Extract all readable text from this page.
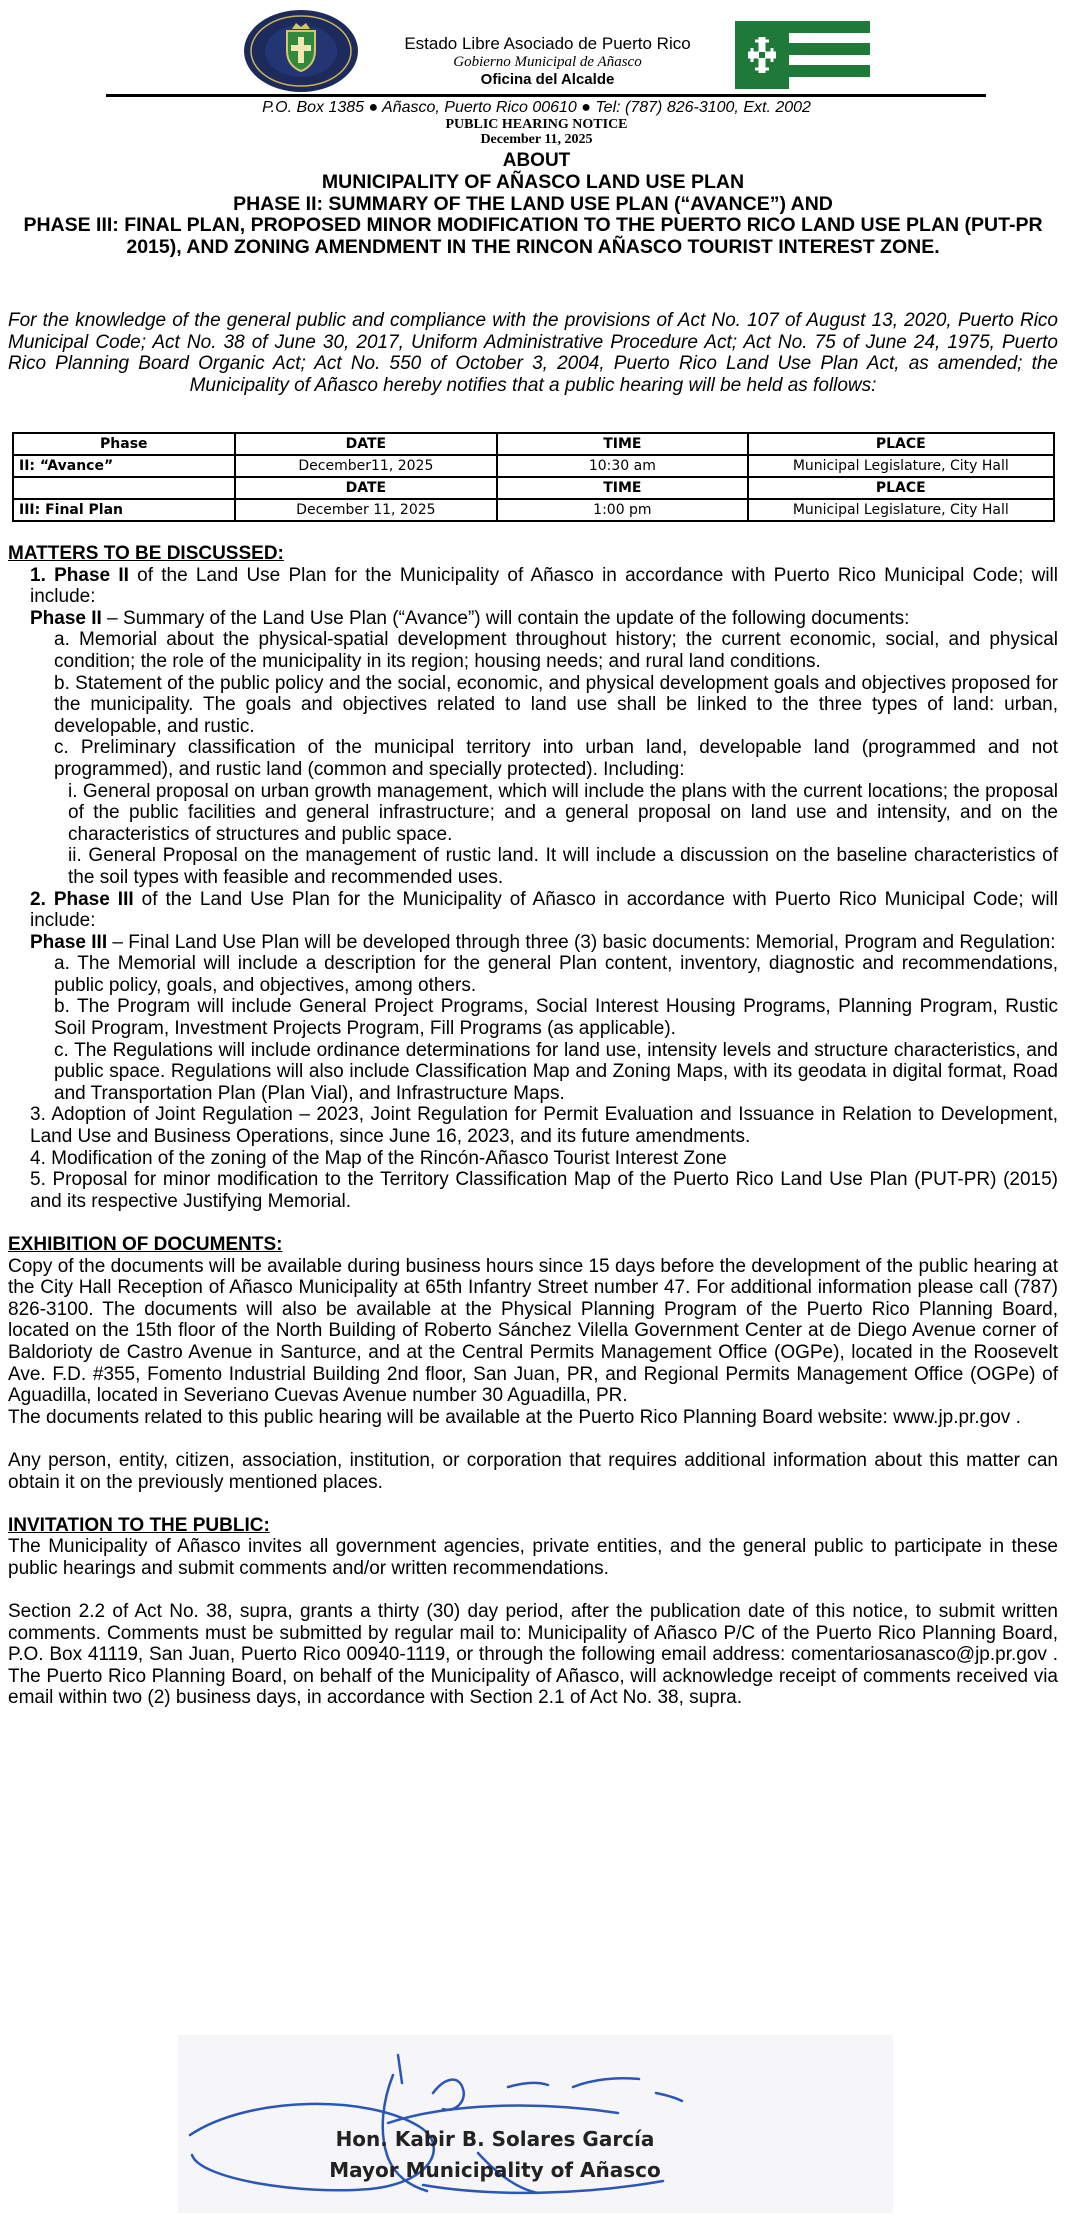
Estado Libre Asociado de Puerto Rico
Gobierno Municipal de Añasco
Oficina del Alcalde
P.O. Box 1385 ● Añasco, Puerto Rico 00610 ● Tel: (787) 826-3100, Ext. 2002
PUBLIC HEARING NOTICE
December 11, 2025
ABOUT
MUNICIPALITY OF AÑASCO LAND USE PLAN
PHASE II: SUMMARY OF THE LAND USE PLAN (“AVANCE”) AND
PHASE III: FINAL PLAN, PROPOSED MINOR MODIFICATION TO THE PUERTO RICO LAND USE PLAN (PUT-PR 2015), AND ZONING AMENDMENT IN THE RINCON AÑASCO TOURIST INTEREST ZONE.
For the knowledge of the general public and compliance with the provisions of Act No. 107 of August 13, 2020, Puerto Rico Municipal Code; Act No. 38 of June 30, 2017, Uniform Administrative Procedure Act; Act No. 75 of June 24, 1975, Puerto Rico Planning Board Organic Act; Act No. 550 of October 3, 2004, Puerto Rico Land Use Plan Act, as amended; the Municipality of Añasco hereby notifies that a public hearing will be held as follows:
Phase	DATE	TIME	PLACE
II: “Avance”	December11, 2025	10:30 am	Municipal Legislature, City Hall
	DATE	TIME	PLACE
III: Final Plan	December 11, 2025	1:00 pm	Municipal Legislature, City Hall

MATTERS TO BE DISCUSSED:

1. Phase II of the Land Use Plan for the Municipality of Añasco in accordance with Puerto Rico Municipal Code; will include:

Phase II – Summary of the Land Use Plan (“Avance”) will contain the update of the following documents:

a. Memorial about the physical-spatial development throughout history; the current economic, social, and physical condition; the role of the municipality in its region; housing needs; and rural land conditions.

b. Statement of the public policy and the social, economic, and physical development goals and objectives proposed for the municipality. The goals and objectives related to land use shall be linked to the three types of land: urban, developable, and rustic.

c. Preliminary classification of the municipal territory into urban land, developable land (programmed and not programmed), and rustic land (common and specially protected). Including:

i. General proposal on urban growth management, which will include the plans with the current locations; the proposal of the public facilities and general infrastructure; and a general proposal on land use and intensity, and on the characteristics of structures and public space.

ii. General Proposal on the management of rustic land. It will include a discussion on the baseline characteristics of the soil types with feasible and recommended uses.

2. Phase III of the Land Use Plan for the Municipality of Añasco in accordance with Puerto Rico Municipal Code; will include:

Phase III – Final Land Use Plan will be developed through three (3) basic documents: Memorial, Program and Regulation:

a. The Memorial will include a description for the general Plan content, inventory, diagnostic and recommendations, public policy, goals, and objectives, among others.

b. The Program will include General Project Programs, Social Interest Housing Programs, Planning Program, Rustic Soil Program, Investment Projects Program, Fill Programs (as applicable).

c. The Regulations will include ordinance determinations for land use, intensity levels and structure characteristics, and public space. Regulations will also include Classification Map and Zoning Maps, with its geodata in digital format, Road and Transportation Plan (Plan Vial), and Infrastructure Maps.

3. Adoption of Joint Regulation – 2023, Joint Regulation for Permit Evaluation and Issuance in Relation to Development, Land Use and Business Operations, since June 16, 2023, and its future amendments.

4. Modification of the zoning of the Map of the Rincón-Añasco Tourist Interest Zone

5. Proposal for minor modification to the Territory Classification Map of the Puerto Rico Land Use Plan (PUT-PR) (2015) and its respective Justifying Memorial.

EXHIBITION OF DOCUMENTS:

Copy of the documents will be available during business hours since 15 days before the development of the public hearing at the City Hall Reception of Añasco Municipality at 65th Infantry Street number 47. For additional information please call (787) 826-3100. The documents will also be available at the Physical Planning Program of the Puerto Rico Planning Board, located on the 15th floor of the North Building of Roberto Sánchez Vilella Government Center at de Diego Avenue corner of Baldorioty de Castro Avenue in Santurce, and at the Central Permits Management Office (OGPe), located in the Roosevelt Ave. F.D. #355, Fomento Industrial Building 2nd floor, San Juan, PR, and Regional Permits Management Office (OGPe) of Aguadilla, located in Severiano Cuevas Avenue number 30 Aguadilla, PR.

The documents related to this public hearing will be available at the Puerto Rico Planning Board website: www.jp.pr.gov .

Any person, entity, citizen, association, institution, or corporation that requires additional information about this matter can obtain it on the previously mentioned places.

INVITATION TO THE PUBLIC:

The Municipality of Añasco invites all government agencies, private entities, and the general public to participate in these public hearings and submit comments and/or written recommendations.

Section 2.2 of Act No. 38, supra, grants a thirty (30) day period, after the publication date of this notice, to submit written comments. Comments must be submitted by regular mail to: Municipality of Añasco P/C of the Puerto Rico Planning Board, P.O. Box 41119, San Juan, Puerto Rico 00940-1119, or through the following email address: comentariosanasco@jp.pr.gov . The Puerto Rico Planning Board, on behalf of the Municipality of Añasco, will acknowledge receipt of comments received via email within two (2) business days, in accordance with Section 2.1 of Act No. 38, supra.

Hon. Kabir B. Solares García
Mayor Municipality of Añasco
